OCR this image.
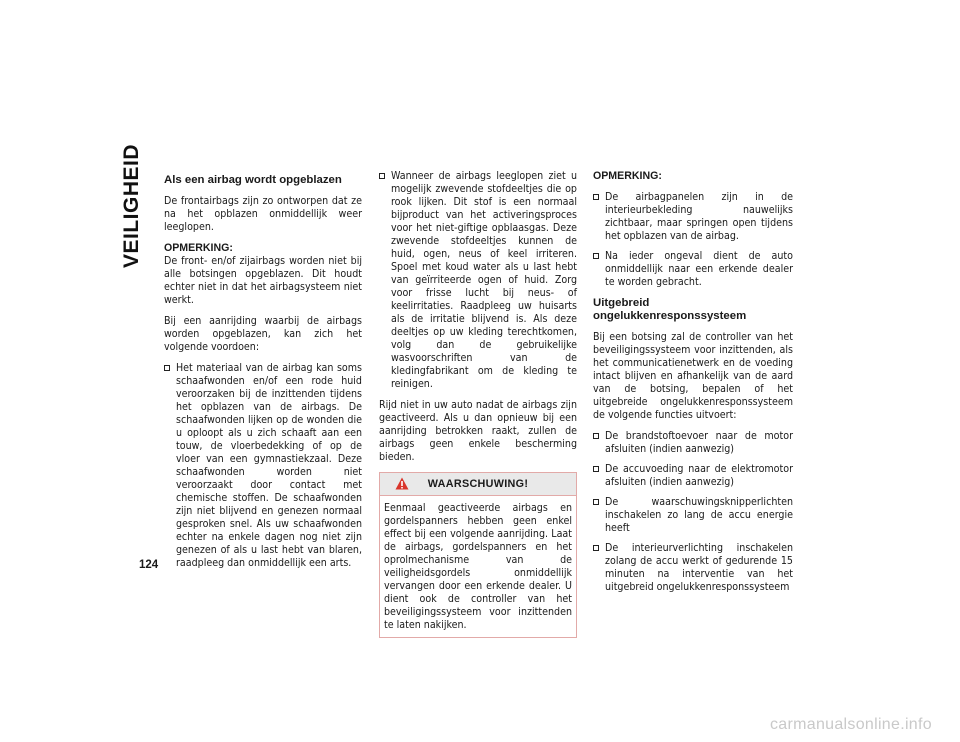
VEILIGHEID	Als een airbag wordt opgeblazen

De frontairbags zijn zo ontworpen dat ze na het opblazen onmiddellijk weer leeglopen.

OPMERKING:

De front- en/of zijairbags worden niet bij alle botsingen opgeblazen. Dit houdt echter niet in dat het airbagsysteem niet werkt.

Bij een aanrijding waarbij de airbags worden opgeblazen, kan zich het volgende voordoen:

Het materiaal van de airbag kan soms schaafwonden en/of een rode huid veroorzaken bij de inzittenden tijdens het opblazen van de airbags. De schaafwonden lijken op de wonden die u oploopt als u zich schaaft aan een touw, de vloerbedekking of op de vloer van een gymnastiekzaal. Deze schaafwonden worden niet veroorzaakt door contact met chemische stoffen. De schaafwonden zijn niet blijvend en genezen normaal gesproken snel. Als uw schaafwonden echter na enkele dagen nog niet zijn genezen of als u last hebt van blaren, raadpleeg dan onmiddellijk een arts.
Wanneer de airbags leeglopen ziet u mogelijk zwevende stofdeeltjes die op rook lijken. Dit stof is een normaal bijproduct van het activeringsproces voor het niet-giftige opblaasgas. Deze zwevende stofdeeltjes kunnen de huid, ogen, neus of keel irriteren. Spoel met koud water als u last hebt van geïrriteerde ogen of huid. Zorg voor frisse lucht bij neus- of keelirritaties. Raadpleeg uw huisarts als de irritatie blijvend is. Als deze deeltjes op uw kleding terechtkomen, volg dan de gebruikelijke wasvoorschriften van de kledingfabrikant om de kleding te reinigen.

Rijd niet in uw auto nadat de airbags zijn geactiveerd. Als u dan opnieuw bij een aanrijding betrokken raakt, zullen de airbags geen enkele bescherming bieden.

WAARSCHUWING!
Eenmaal geactiveerde airbags en gordelspanners hebben geen enkel effect bij een volgende aanrijding. Laat de airbags, gordelspanners en het oprolmechanisme van de veiligheidsgordels onmiddellijk vervangen door een erkende dealer. U dient ook de controller van het beveiligingssysteem voor inzittenden te laten nakijken.
OPMERKING:
De airbagpanelen zijn in de interieurbekleding nauwelijks zichtbaar, maar springen open tijdens het opblazen van de airbag.
Na ieder ongeval dient de auto onmiddellijk naar een erkende dealer te worden gebracht.
Uitgebreid ongelukkenresponssysteem

Bij een botsing zal de controller van het beveiligingssysteem voor inzittenden, als het communicatienetwerk en de voeding intact blijven en afhankelijk van de aard van de botsing, bepalen of het uitgebreide ongelukkenresponssysteem de volgende functies uitvoert:

De brandstoftoevoer naar de motor afsluiten (indien aanwezig)
De accuvoeding naar de elektromotor afsluiten (indien aanwezig)
De waarschuwingsknipperlichten inschakelen zo lang de accu energie heeft
De interieurverlichting inschakelen zolang de accu werkt of gedurende 15 minuten na interventie van het uitgebreid ongelukkenresponssysteem
124
carmanualsonline.info
